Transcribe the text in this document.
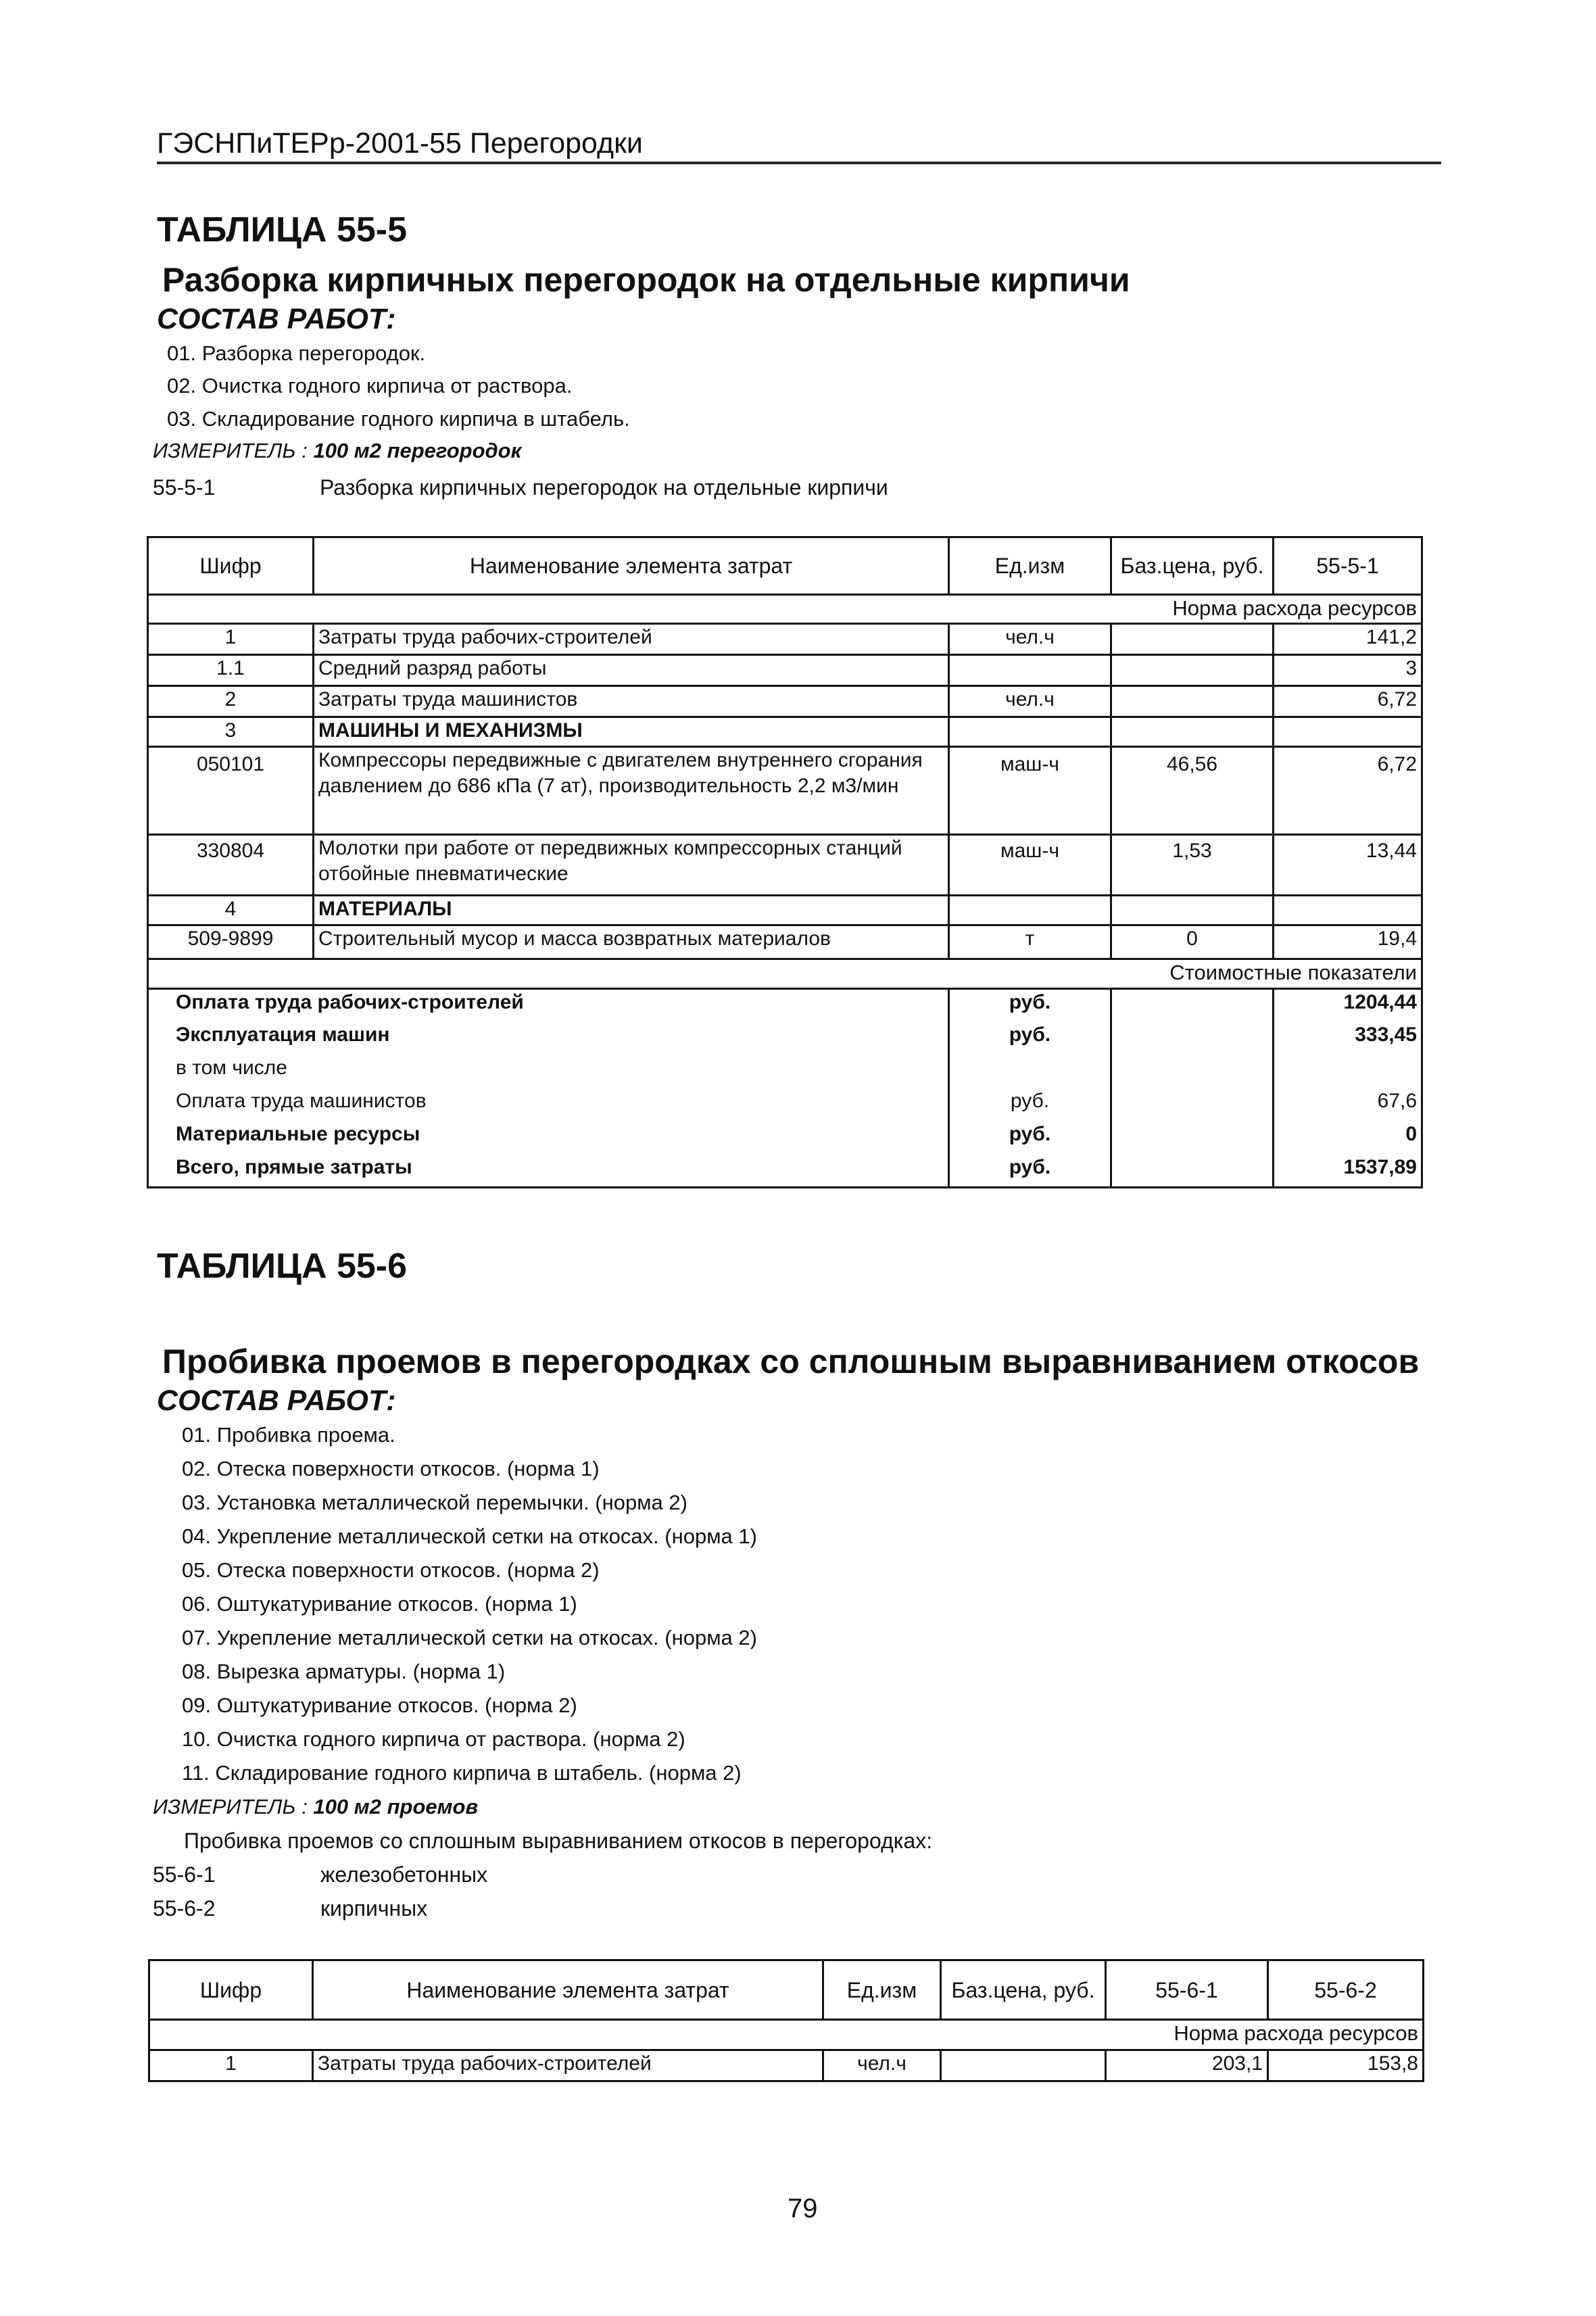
ГЭСНПиТЕРр-2001-55 Перегородки
ТАБЛИЦА 55-5
Разборка кирпичных перегородок на отдельные кирпичи
СОСТАВ РАБОТ:
01. Разборка перегородок.
02. Очистка годного кирпича от раствора.
03. Складирование годного кирпича в штабель.
ИЗМЕРИТЕЛЬ : 100 м2 перегородок
55-5-1	Разборка кирпичных перегородок на отдельные кирпичи
Шифр	Наименование элемента затрат	Ед.изм	Баз.цена, руб.	55-5-1
Норма расхода ресурсов				
1	Затраты труда рабочих-строителей	чел.ч		141,2
1.1	Средний разряд работы			3
2	Затраты труда машинистов	чел.ч		6,72
3	МАШИНЫ И МЕХАНИЗМЫ			
050101	Компрессоры передвижные с двигателем внутреннего сгорания давлением до 686 кПа (7 ат), производительность 2,2 м3/мин	маш-ч	46,56	6,72
330804	Молотки при работе от передвижных компрессорных станций отбойные пневматические	маш-ч	1,53	13,44
4	МАТЕРИАЛЫ			
509-9899	Строительный мусор и масса возвратных материалов	т	0	19,4
Стоимостные показатели				
Оплата труда рабочих-строителей		руб.		1204,44
Эксплуатация машин		руб.		333,45
в том числе				
Оплата труда машинистов		руб.		67,6
Материальные ресурсы		руб.		0
Всего, прямые затраты		руб.		1537,89
ТАБЛИЦА 55-6
Пробивка проемов в перегородках со сплошным выравниванием откосов
СОСТАВ РАБОТ:
01. Пробивка проема.
02. Отеска поверхности откосов. (норма 1)
03. Установка металлической перемычки. (норма 2)
04. Укрепление металлической сетки на откосах. (норма 1)
05. Отеска поверхности откосов. (норма 2)
06. Оштукатуривание откосов. (норма 1)
07. Укрепление металлической сетки на откосах. (норма 2)
08. Вырезка арматуры. (норма 1)
09. Оштукатуривание откосов. (норма 2)
10. Очистка годного кирпича от раствора. (норма 2)
11. Складирование годного кирпича в штабель. (норма 2)
ИЗМЕРИТЕЛЬ : 100 м2 проемов
Пробивка проемов со сплошным выравниванием откосов в перегородках:
55-6-1	железобетонных
55-6-2	кирпичных
Шифр	Наименование элемента затрат	Ед.изм	Баз.цена, руб.	55-6-1	55-6-2
Норма расхода ресурсов					
1	Затраты труда рабочих-строителей	чел.ч		203,1	153,8
79
